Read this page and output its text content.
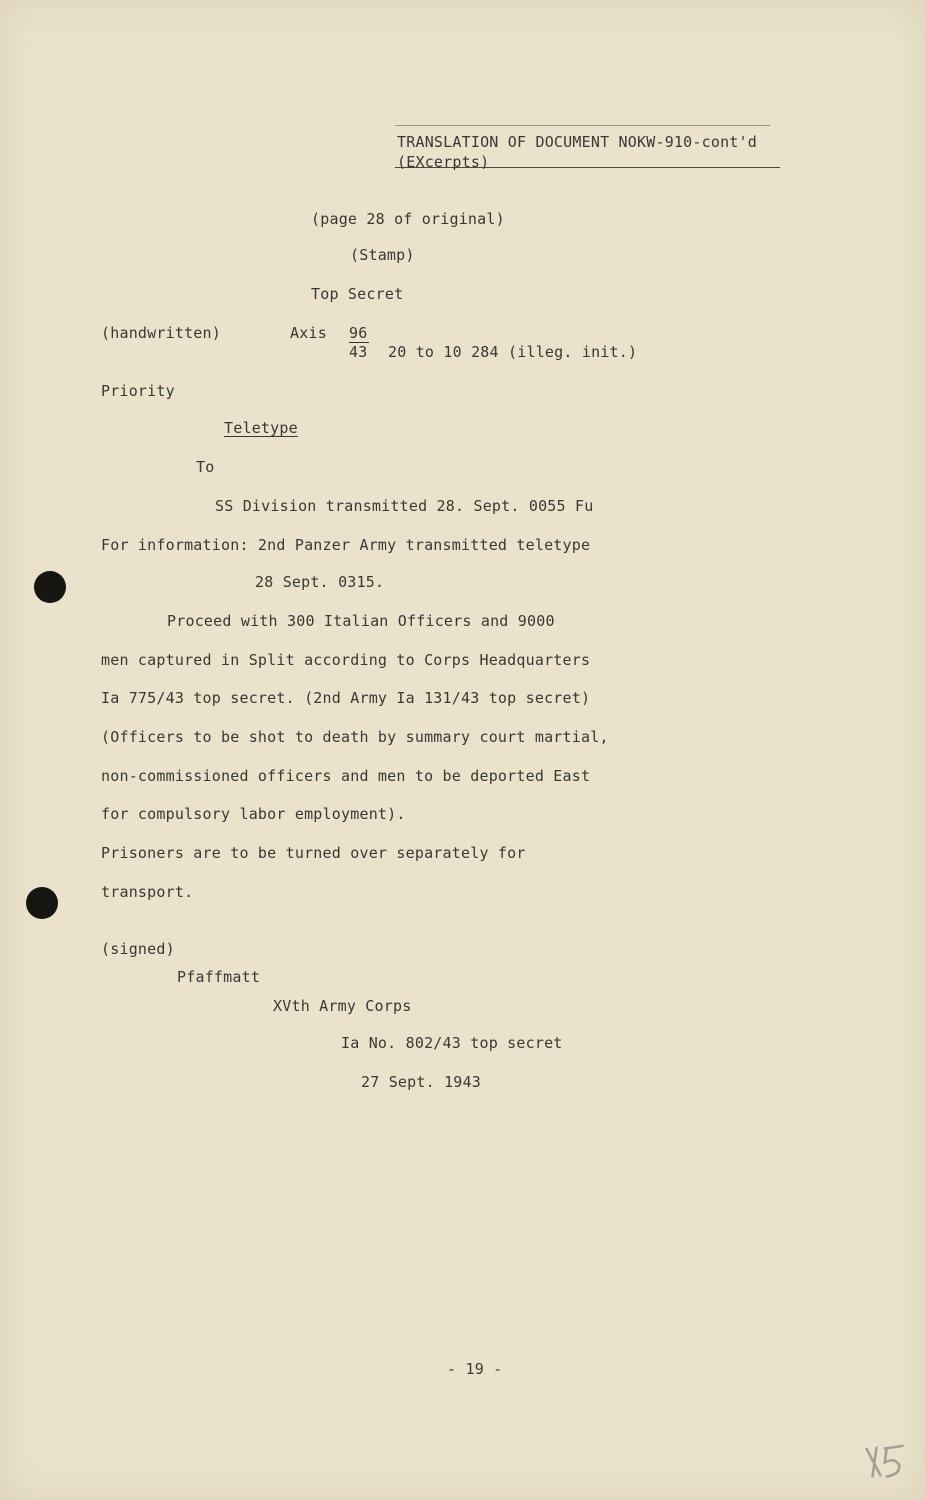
TRANSLATION OF DOCUMENT NOKW-910-cont'd
(EXcerpts)
(page 28 of original)
(Stamp)
Top Secret
(handwritten)	Axis 96
43 20 to 10 284 (illeg. init.)
Priority
Teletype
To
SS Division transmitted 28. Sept. 0055 Fu
For information: 2nd Panzer Army transmitted teletype
28 Sept. 0315.
Proceed with 300 Italian Officers and 9000
men captured in Split according to Corps Headquarters
Ia 775/43 top secret. (2nd Army Ia 131/43 top secret)
(Officers to be shot to death by summary court martial,
non-commissioned officers and men to be deported East
for compulsory labor employment).
Prisoners are to be turned over separately for
transport.
(signed)
Pfaffmatt
XVth Army Corps
Ia No. 802/43 top secret
27 Sept. 1943
- 19 -
